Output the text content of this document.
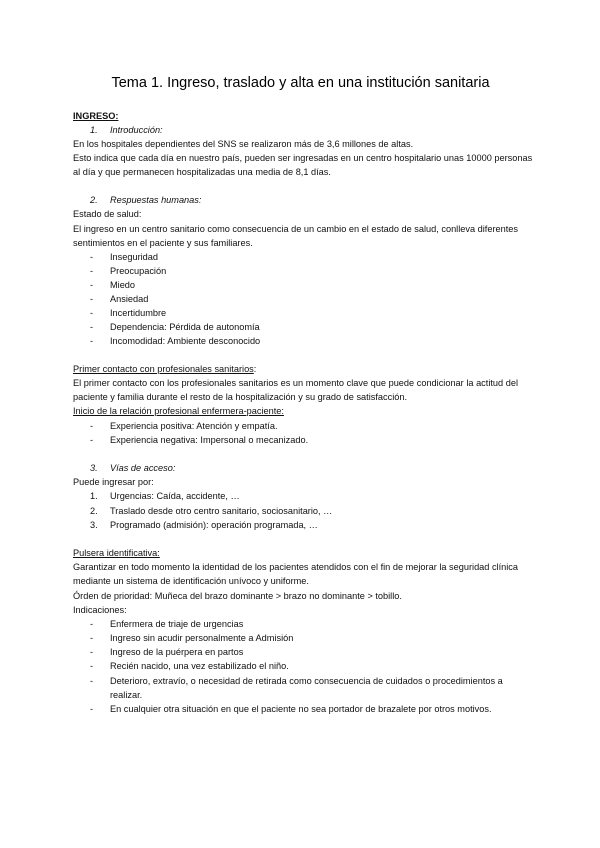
Tema 1. Ingreso, traslado y alta en una institución sanitaria
INGRESO:
1. Introducción:
En los hospitales dependientes del SNS se realizaron más de 3,6 millones de altas.
Esto indica que cada día en nuestro país, pueden ser ingresadas en un centro hospitalario unas 10000 personas
al día y que permanecen hospitalizadas una media de 8,1 días.
2. Respuestas humanas:
Estado de salud:
El ingreso en un centro sanitario como consecuencia de un cambio en el estado de salud, conlleva diferentes
sentimientos en el paciente y sus familiares.
- Inseguridad
- Preocupación
- Miedo
- Ansiedad
- Incertidumbre
- Dependencia: Pérdida de autonomía
- Incomodidad: Ambiente desconocido
Primer contacto con profesionales sanitarios:
El primer contacto con los profesionales sanitarios es un momento clave que puede condicionar la actitud del
paciente y familia durante el resto de la hospitalización y su grado de satisfacción.
Inicio de la relación profesional enfermera-paciente:
- Experiencia positiva: Atención y empatía.
- Experiencia negativa: Impersonal o mecanizado.
3. Vías de acceso:
Puede ingresar por:
1. Urgencias: Caída, accidente, …
2. Traslado desde otro centro sanitario, sociosanitario, …
3. Programado (admisión): operación programada, …
Pulsera identificativa:
Garantizar en todo momento la identidad de los pacientes atendidos con el fin de mejorar la seguridad clínica
mediante un sistema de identificación unívoco y uniforme.
Órden de prioridad: Muñeca del brazo dominante > brazo no dominante > tobillo.
Indicaciones:
- Enfermera de triaje de urgencias
- Ingreso sin acudir personalmente a Admisión
- Ingreso de la puérpera en partos
- Recién nacido, una vez estabilizado el niño.
- Deterioro, extravío, o necesidad de retirada como consecuencia de cuidados o procedimientos a
realizar.
- En cualquier otra situación en que el paciente no sea portador de brazalete por otros motivos.
